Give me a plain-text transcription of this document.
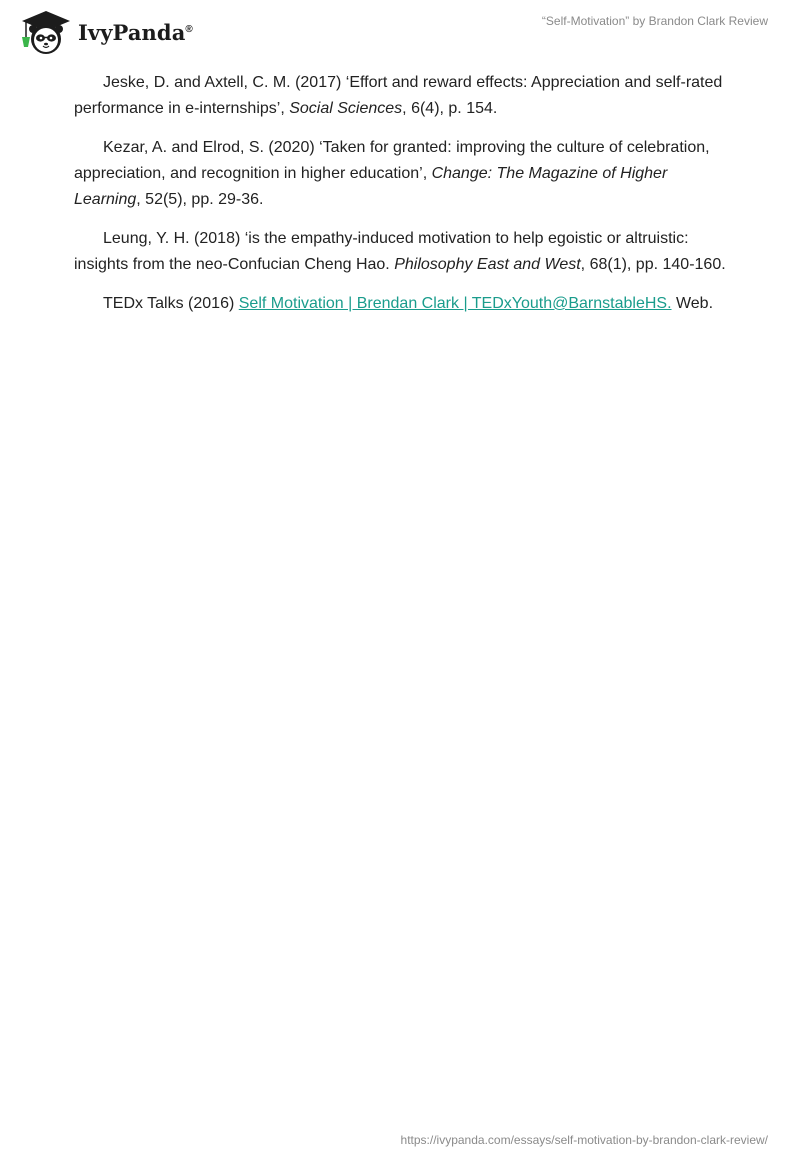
IvyPanda®
“Self-Motivation” by Brandon Clark Review

Jeske, D. and Axtell, C. M. (2017) ‘Effort and reward effects: Appreciation and self-rated performance in e-internships’, Social Sciences, 6(4), p. 154.

Kezar, A. and Elrod, S. (2020) ‘Taken for granted: improving the culture of celebration, appreciation, and recognition in higher education’, Change: The Magazine of Higher Learning, 52(5), pp. 29-36.

Leung, Y. H. (2018) ‘is the empathy-induced motivation to help egoistic or altruistic: insights from the neo-Confucian Cheng Hao. Philosophy East and West, 68(1), pp. 140-160.

TEDx Talks (2016) Self Motivation | Brendan Clark | TEDxYouth@BarnstableHS. Web.

https://ivypanda.com/essays/self-motivation-by-brandon-clark-review/
